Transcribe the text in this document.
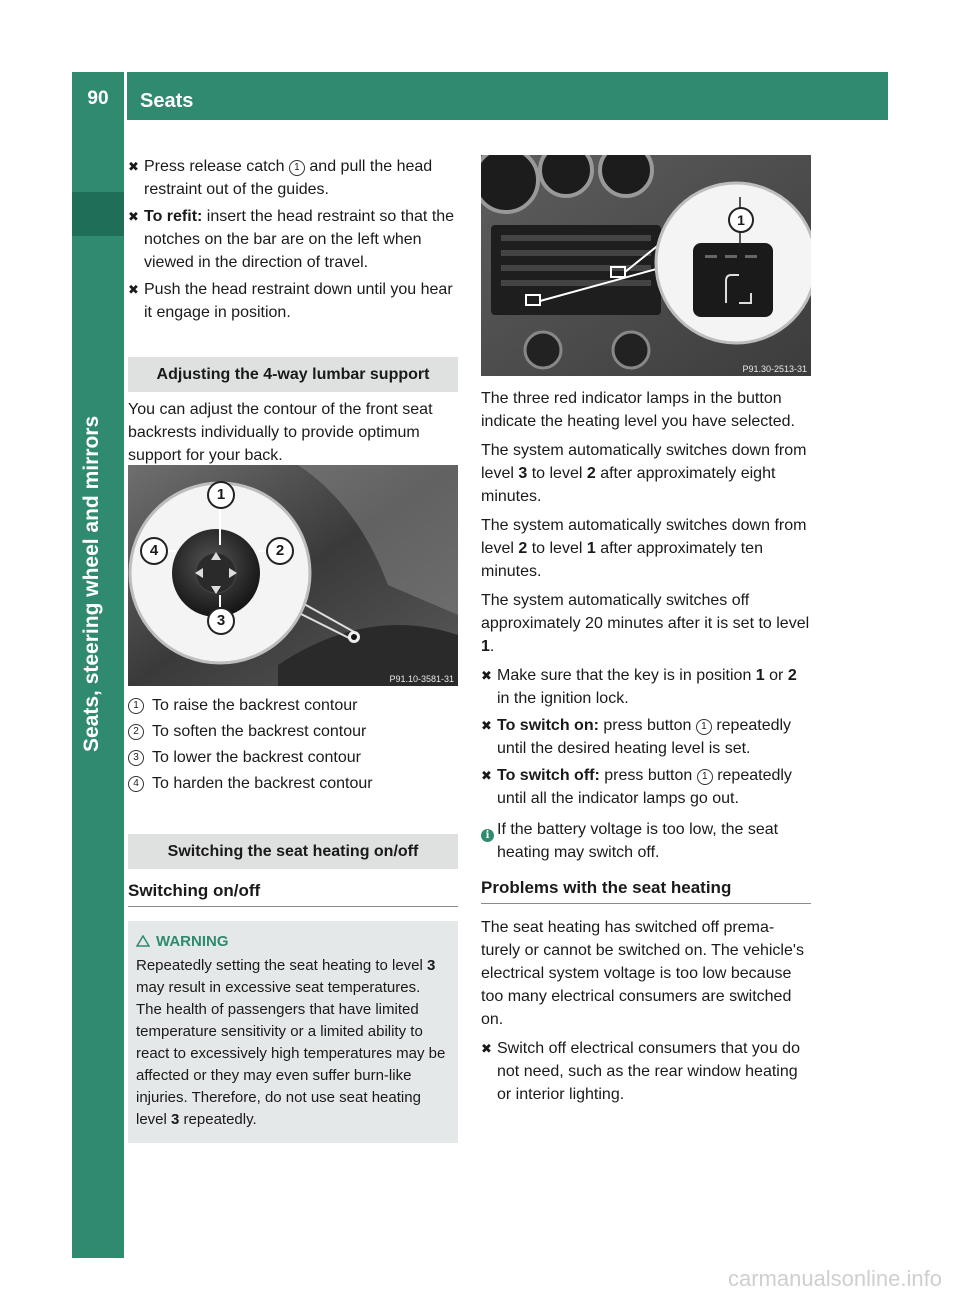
90	Seats
Seats, steering wheel and mirrors
✖ Press release catch 1 and pull the head restraint out of the guides.
✖ To refit: insert the head restraint so that the notches on the bar are on the left when viewed in the direction of travel.
✖ Push the head restraint down until you hear it engage in position.
Adjusting the 4-way lumbar support
You can adjust the contour of the front seat backrests individually to provide optimum support for your back.
1
2
3
4
P91.10-3581-31
1 To raise the backrest contour
2 To soften the backrest contour
3 To lower the backrest contour
4 To harden the backrest contour
Switching the seat heating on/off
Switching on/off
WARNING
Repeatedly setting the seat heating to level 3 may result in excessive seat temperatures. The health of passengers that have limited temperature sensitivity or a limited ability to react to excessively high temperatures may be affected or they may even suffer burn-like injuries. Therefore, do not use seat heating level 3 repeatedly.
1
P91.30-2513-31
The three red indicator lamps in the button indicate the heating level you have selected.
The system automatically switches down from level 3 to level 2 after approximately eight minutes.
The system automatically switches down from level 2 to level 1 after approximately ten minutes.
The system automatically switches off approximately 20 minutes after it is set to level 1.
✖ Make sure that the key is in position 1 or 2 in the ignition lock.
✖ To switch on: press button 1 repeatedly until the desired heating level is set.
✖ To switch off: press button 1 repeatedly until all the indicator lamps go out.
i If the battery voltage is too low, the seat heating may switch off.
Problems with the seat heating
The seat heating has switched off prema-
turely or cannot be switched on. The vehicle's electrical system voltage is too low because too many electrical consumers are switched on.
✖ Switch off electrical consumers that you do not need, such as the rear window heating or interior lighting.
carmanualsonline.info
